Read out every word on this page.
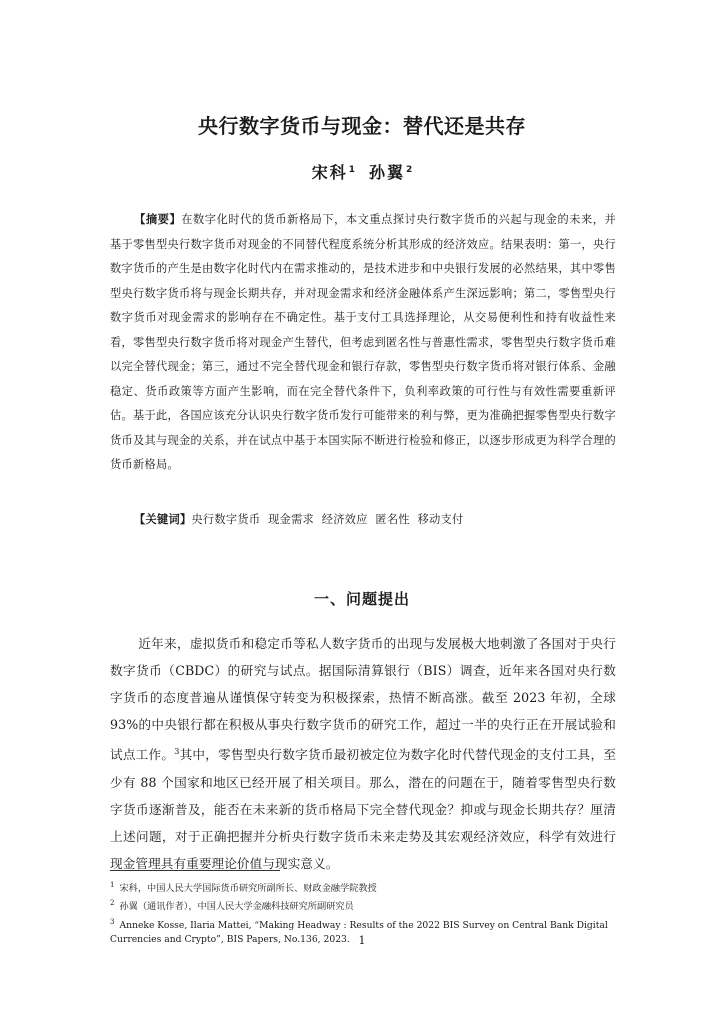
央行数字货币与现金：替代还是共存
宋科$^1$ 孙翼$^2$

【摘要】在数字化时代的货币新格局下，本文重点探讨央行数字货币的兴起与现金的未来，并基于零售型央行数字货币对现金的不同替代程度系统分析其形成的经济效应。结果表明：第一，央行数字货币的产生是由数字化时代内在需求推动的，是技术进步和中央银行发展的必然结果，其中零售型央行数字货币将与现金长期共存，并对现金需求和经济金融体系产生深远影响；第二，零售型央行数字货币对现金需求的影响存在不确定性。基于支付工具选择理论，从交易便利性和持有收益性来看，零售型央行数字货币将对现金产生替代，但考虑到匿名性与普惠性需求，零售型央行数字货币难以完全替代现金；第三，通过不完全替代现金和银行存款，零售型央行数字货币将对银行体系、金融稳定、货币政策等方面产生影响，而在完全替代条件下，负利率政策的可行性与有效性需要重新评估。基于此，各国应该充分认识央行数字货币发行可能带来的利与弊，更为准确把握零售型央行数字货币及其与现金的关系，并在试点中基于本国实际不断进行检验和修正，以逐步形成更为科学合理的货币新格局。

【关键词】央行数字货币  现金需求  经济效应  匿名性  移动支付

一、问题提出

近年来，虚拟货币和稳定币等私人数字货币的出现与发展极大地刺激了各国对于央行数字货币（CBDC）的研究与试点。据国际清算银行（BIS）调查，近年来各国对央行数字货币的态度普遍从谨慎保守转变为积极探索，热情不断高涨。截至 2023 年初，全球 93%的中央银行都在积极从事央行数字货币的研究工作，超过一半的央行正在开展试验和试点工作。$^3$其中，零售型央行数字货币最初被定位为数字化时代替代现金的支付工具，至少有 88 个国家和地区已经开展了相关项目。那么，潜在的问题在于，随着零售型央行数字货币逐渐普及，能否在未来新的货币格局下完全替代现金？抑或与现金长期共存？厘清上述问题，对于正确把握并分析央行数字货币未来走势及其宏观经济效应，科学有效进行现金管理具有重要理论价值与现实意义。

$^1$ 宋科，中国人民大学国际货币研究所副所长、财政金融学院教授
$^2$ 孙翼（通讯作者），中国人民大学金融科技研究所副研究员
$^3$ Anneke Kosse, Ilaria Mattei, “Making Headway : Results of the 2022 BIS Survey on Central Bank Digital Currencies and Crypto”, BIS Papers, No.136, 2023. 1
